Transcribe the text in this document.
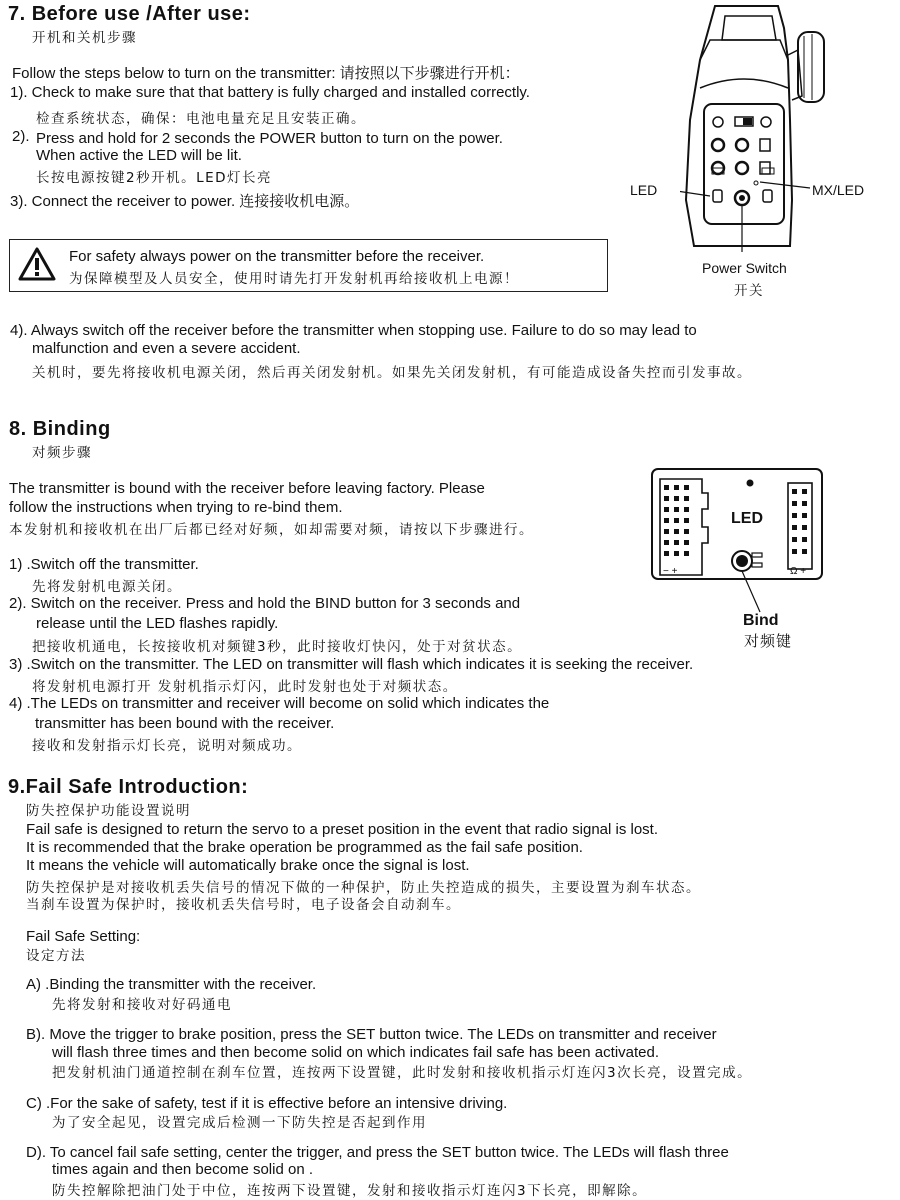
7. Before use /After use:
开机和关机步骤
Follow the steps below to turn on the transmitter: 请按照以下步骤进行开机：
1). Check to make sure that that battery is fully charged and installed correctly.
检查系统状态，确保：电池电量充足且安装正确。
2). Press and hold for 2 seconds the POWER button to turn on the power.
When active the LED will be lit.
长按电源按键2秒开机。LED灯长亮
3). Connect the receiver to power. 连接接收机电源。
For safety always power on the transmitter before the receiver.
为保障模型及人员安全，使用时请先打开发射机再给接收机上电源！
4). Always switch off the receiver before the transmitter when stopping use. Failure to do so may lead to
malfunction and even a severe accident.
关机时，要先将接收机电源关闭，然后再关闭发射机。如果先关闭发射机，有可能造成设备失控而引发事故。
LED	MX/LED
Power Switch
开关
8. Binding
对频步骤
The transmitter is bound with the receiver before leaving factory. Please
follow the instructions when trying to re-bind them.
本发射机和接收机在出厂后都已经对好频，如却需要对频，请按以下步骤进行。
1) .Switch off the transmitter.
先将发射机电源关闭。
2). Switch on the receiver. Press and hold the BIND button for 3 seconds and
release until the LED flashes rapidly.
把接收机通电，长按接收机对频键3秒，此时接收灯快闪，处于对贫状态。
3) .Switch on the transmitter. The LED on transmitter will flash which indicates it is seeking the receiver.
将发射机电源打开 发射机指示灯闪，此时发射也处于对频状态。
4) .The LEDs on transmitter and receiver will become on solid which indicates the
transmitter has been bound with the receiver.
接收和发射指示灯长亮，说明对频成功。
LED
− +	Ω +
Bind
对频键
9.Fail Safe Introduction:
防失控保护功能设置说明
Fail safe is designed to return the servo to a preset position in the event that radio signal is lost.
It is recommended that the brake operation be programmed as the fail safe position.
It means the vehicle will automatically brake once the signal is lost.
防失控保护是对接收机丢失信号的情况下做的一种保护，防止失控造成的损失，主要设置为刹车状态。
当刹车设置为保护时，接收机丢失信号时，电子设备会自动刹车。
Fail Safe Setting:
设定方法
A) .Binding the transmitter with the receiver.
先将发射和接收对好码通电
B). Move the trigger to brake position, press the SET button twice. The LEDs on transmitter and receiver
will flash three times and then become solid on which indicates fail safe has been activated.
把发射机油门通道控制在刹车位置，连按两下设置键，此时发射和接收机指示灯连闪3次长亮，设置完成。
C) .For the sake of safety, test if it is effective before an intensive driving.
为了安全起见，设置完成后检测一下防失控是否起到作用
D). To cancel fail safe setting, center the trigger, and press the SET button twice. The LEDs will flash three
times again and then become solid on .
防失控解除把油门处于中位，连按两下设置键，发射和接收指示灯连闪3下长亮，即解除。
